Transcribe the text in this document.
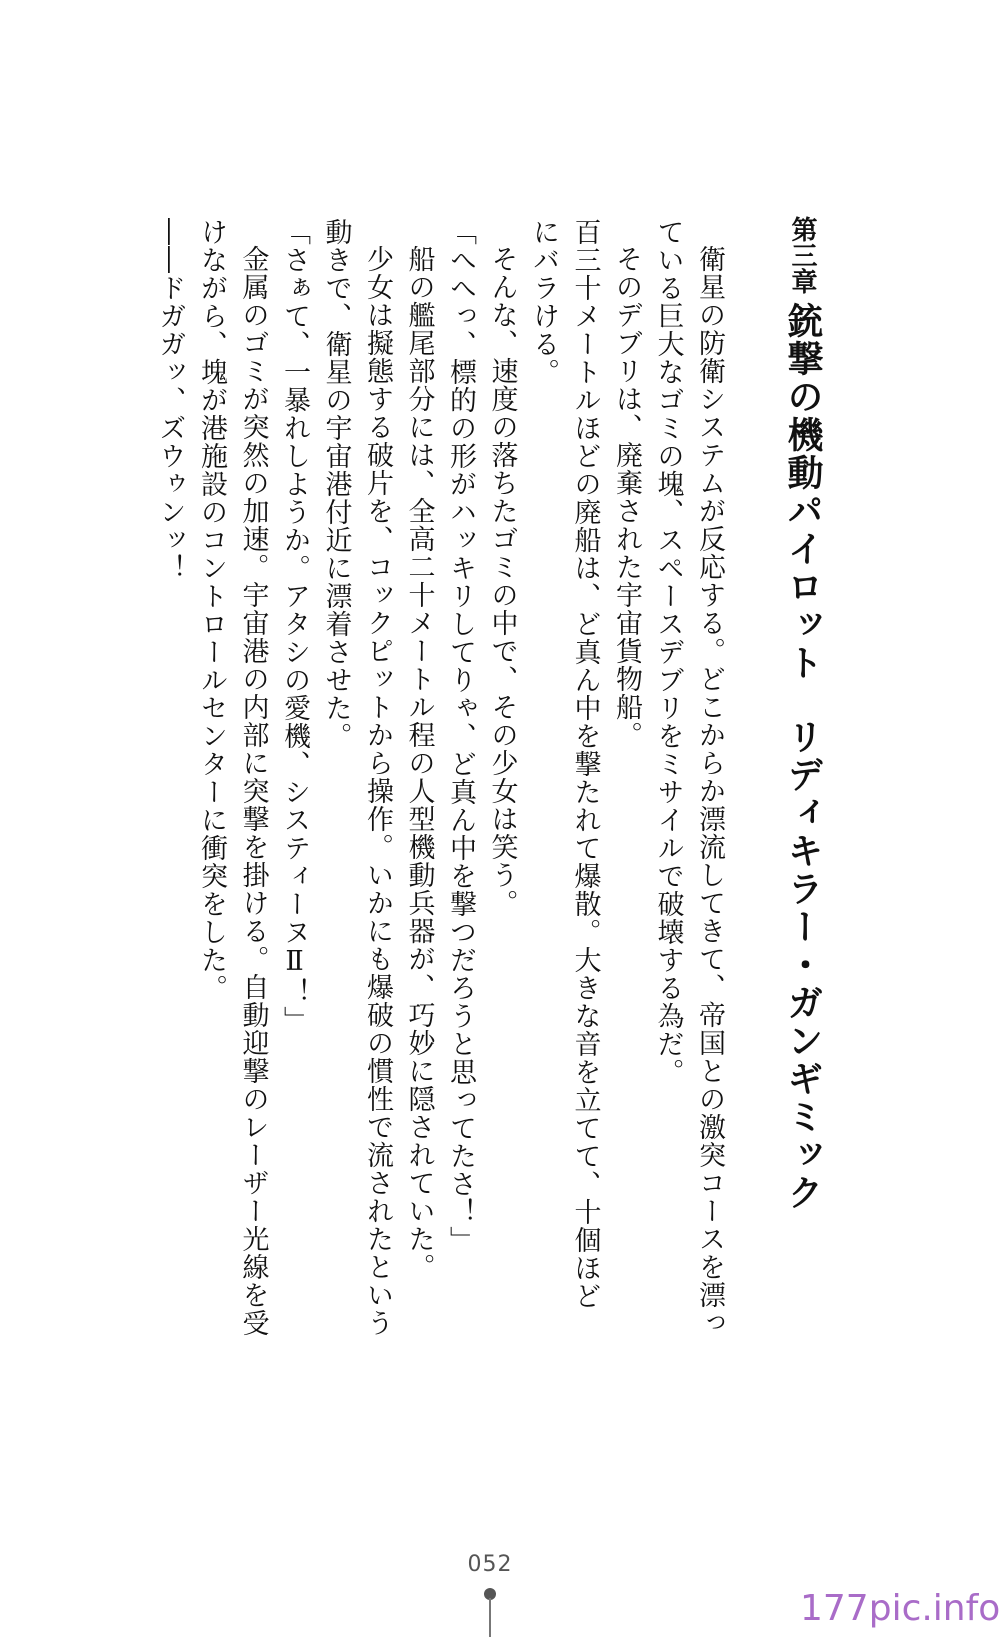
第三章
銃撃の機動パイロットリディキラー・ガンギミック
衛星の防衛システムが反応する。どこからか漂流してきて、帝国との激突コースを漂っ
ている巨大なゴミの塊、スペースデブリをミサイルで破壊する為だ。
そのデブリは、廃棄された宇宙貨物船。
百三十メートルほどの廃船は、ど真ん中を撃たれて爆散。大きな音を立てて、十個ほど
にバラける。
そんな、速度の落ちたゴミの中で、その少女は笑う。
「へへっ、標的の形がハッキリしてりゃ、ど真ん中を撃つだろうと思ってたさ！」
船の艦尾部分には、全高二十メートル程の人型機動兵器が、巧妙に隠されていた。
少女は擬態する破片を、コックピットから操作。いかにも爆破の慣性で流されたという
動きで、衛星の宇宙港付近に漂着させた。
「さぁて、一暴れしようか。アタシの愛機、システィーヌⅡ！」
金属のゴミが突然の加速。宇宙港の内部に突撃を掛ける。自動迎撃のレーザー光線を受
けながら、塊が港施設のコントロールセンターに衝突をした。
――ドガガッ、ズウゥンッ！
052
177pic.info
